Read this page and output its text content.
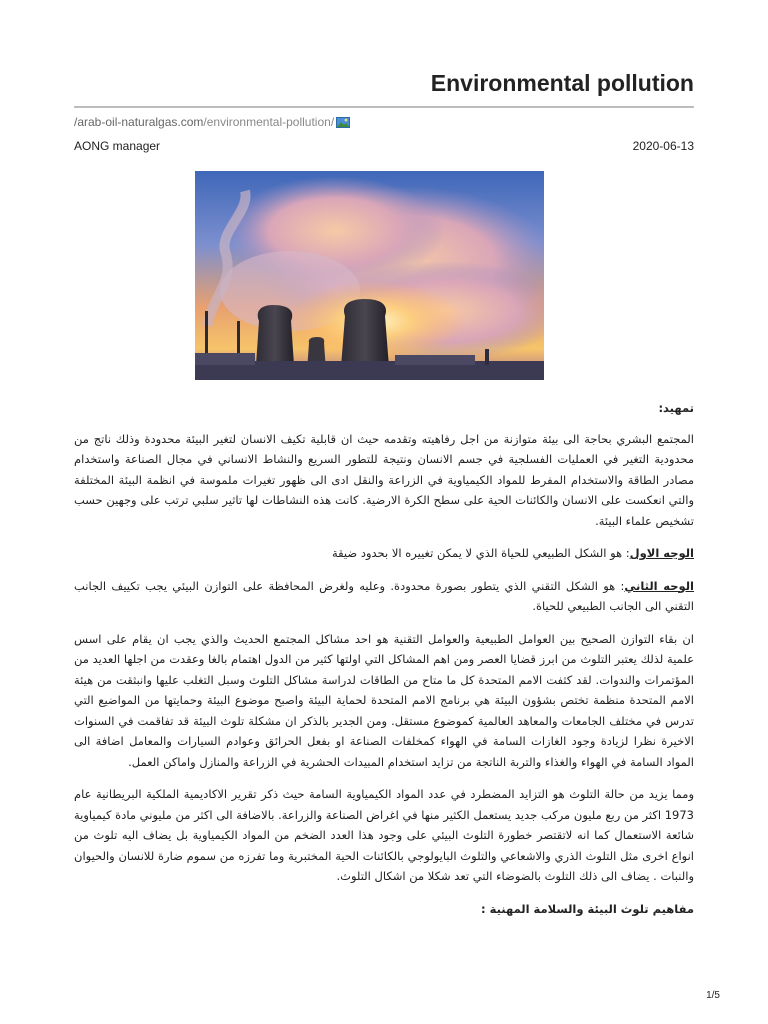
Environmental pollution
/arab-oil-naturalgas.com /environmental-pollution/
AONG manager	2020-06-13

تمهيد:

المجتمع البشري بحاجة الى بيئة متوازنة من اجل رفاهيته وتقدمه حيث ان قابلية تكيف الانسان لتغير البيئة محدودة وذلك ناتج من محدودية التغير في العمليات الفسلجية في جسم الانسان ونتيجة للتطور السريع والنشاط الانساني في مجال الصناعة واستخدام مصادر الطاقة والاستخدام المفرط للمواد الكيمياوية في الزراعة والنقل ادى الى ظهور تغيرات ملموسة في انظمة البيئة المختلفة والتي انعكست على الانسان والكائنات الحية على سطح الكرة الارضية. كانت هذه النشاطات لها تاثير سلبي ترتب على وجهين حسب تشخيص علماء البيئة.

الوجه الاول: هو الشكل الطبيعي للحياة الذي لا يمكن تغييره الا بحدود ضيقة

الوجه الثاني: هو الشكل التقني الذي يتطور بصورة محدودة. وعليه ولغرض المحافظة على التوازن البيئي يجب تكييف الجانب التقني الى الجانب الطبيعي للحياة.

ان بقاء التوازن الصحيح بين العوامل الطبيعية والعوامل التقنية هو احد مشاكل المجتمع الحديث والذي يجب ان يقام على اسس علمية لذلك يعتبر التلوث من ابرز قضايا العصر ومن اهم المشاكل التي اولتها كثير من الدول اهتمام بالغا وعقدت من اجلها العديد من المؤتمرات والندوات. لقد كثفت الامم المتحدة كل ما متاح من الطاقات لدراسة مشاكل التلوث وسبل التغلب عليها وانبثقت من هيئة الامم المتحدة منظمة تختص بشؤون البيئة هي برنامج الامم المتحدة لحماية البيئة واصبح موضوع البيئة وحمايتها من المواضيع التي تدرس في مختلف الجامعات والمعاهد العالمية كموضوع مستقل. ومن الجدير بالذكر ان مشكلة تلوث البيئة قد تفاقمت في السنوات الاخيرة نظرا لزيادة وجود الغازات السامة في الهواء كمخلفات الصناعة او بفعل الحرائق وعوادم السيارات والمعامل اضافة الى المواد السامة في الهواء والغذاء والتربة الناتجة من تزايد استخدام المبيدات الحشرية في الزراعة والمنازل واماكن العمل.

ومما يزيد من حالة التلوث هو التزايد المضطرد في عدد المواد الكيمياوية السامة حيث ذكر تقرير الاكاديمية الملكية البريطانية عام 1973 اكثر من ربع مليون مركب جديد يستعمل الكثير منها في اغراض الصناعة والزراعة. بالاضافة الى اكثر من مليوني مادة كيمياوية شائعة الاستعمال كما انه لاتقتصر خطورة التلوث البيئي على وجود هذا العدد الضخم من المواد الكيمياوية بل يضاف اليه تلوث من انواع اخرى مثل التلوث الذري والاشعاعي والتلوث البايولوجي بالكائنات الحية المختبرية وما تفرزه من سموم ضارة للانسان والحيوان والنبات . يضاف الى ذلك التلوث بالضوضاء التي تعد شكلا من اشكال التلوث.

مفاهيم تلوث البيئة والسلامة المهنية :

1/5
